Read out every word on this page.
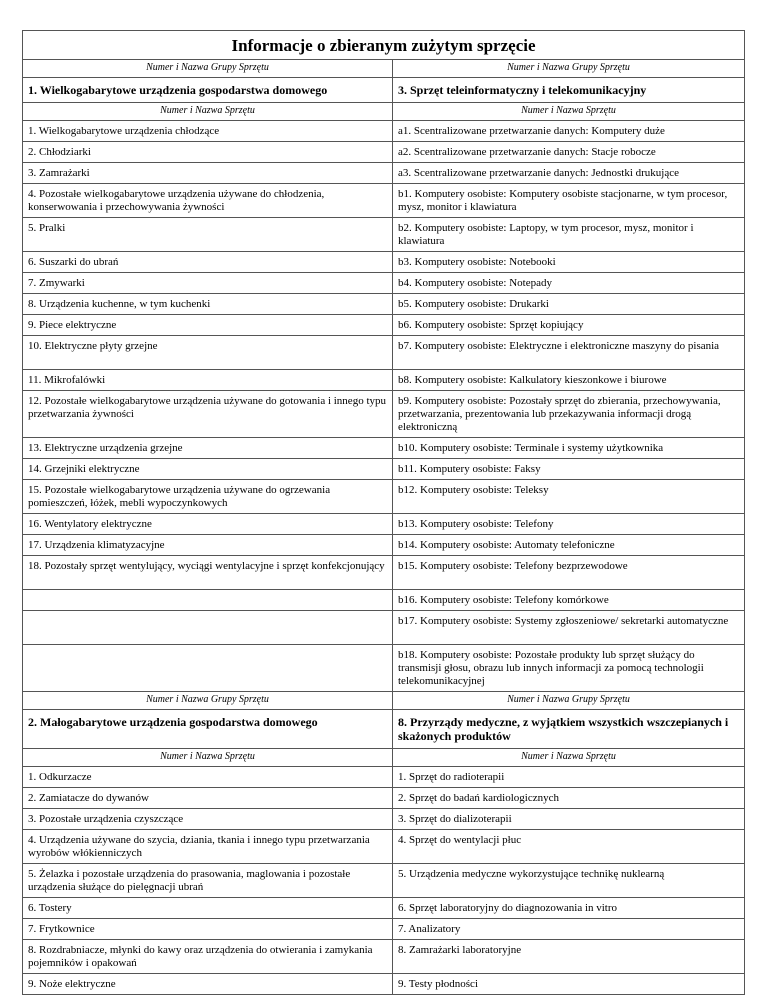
Informacje o zbieranym zużytym sprzęcie	
Numer i Nazwa Grupy Sprzętu	Numer i Nazwa Grupy Sprzętu
1. Wielkogabarytowe urządzenia gospodarstwa domowego	3. Sprzęt teleinformatyczny i telekomunikacyjny
Numer i Nazwa Sprzętu	Numer i Nazwa Sprzętu
1. Wielkogabarytowe urządzenia chłodzące	a1. Scentralizowane przetwarzanie danych: Komputery duże
2. Chłodziarki	a2. Scentralizowane przetwarzanie danych: Stacje robocze
3. Zamrażarki	a3. Scentralizowane przetwarzanie danych: Jednostki drukujące
4. Pozostałe wielkogabarytowe urządzenia używane do chłodzenia, konserwowania i przechowywania żywności	b1. Komputery osobiste: Komputery osobiste stacjonarne, w tym procesor, mysz, monitor i klawiatura
5. Pralki	b2. Komputery osobiste: Laptopy, w tym procesor, mysz, monitor i klawiatura
6. Suszarki do ubrań	b3. Komputery osobiste: Notebooki
7. Zmywarki	b4. Komputery osobiste: Notepady
8. Urządzenia kuchenne, w tym kuchenki	b5. Komputery osobiste: Drukarki
9. Piece elektryczne	b6. Komputery osobiste: Sprzęt kopiujący
10. Elektryczne płyty grzejne	b7. Komputery osobiste: Elektryczne i elektroniczne maszyny do pisania
11. Mikrofalówki	b8. Komputery osobiste: Kalkulatory kieszonkowe i biurowe
12. Pozostałe wielkogabarytowe urządzenia używane do gotowania i innego typu przetwarzania żywności	b9. Komputery osobiste: Pozostały sprzęt do zbierania, przechowywania, przetwarzania, prezentowania lub przekazywania informacji drogą elektroniczną
13. Elektryczne urządzenia grzejne	b10. Komputery osobiste: Terminale i systemy użytkownika
14. Grzejniki elektryczne	b11. Komputery osobiste: Faksy
15. Pozostałe wielkogabarytowe urządzenia używane do ogrzewania pomieszczeń, łóżek, mebli wypoczynkowych	b12. Komputery osobiste: Teleksy
16. Wentylatory elektryczne	b13. Komputery osobiste: Telefony
17. Urządzenia klimatyzacyjne	b14. Komputery osobiste: Automaty telefoniczne
18. Pozostały sprzęt wentylujący, wyciągi wentylacyjne i sprzęt konfekcjonujący	b15. Komputery osobiste: Telefony bezprzewodowe
	b16. Komputery osobiste: Telefony komórkowe
	b17. Komputery osobiste: Systemy zgłoszeniowe/ sekretarki automatyczne
	b18. Komputery osobiste: Pozostałe produkty lub sprzęt służący do transmisji głosu, obrazu lub innych informacji za pomocą technologii telekomunikacyjnej
Numer i Nazwa Grupy Sprzętu	Numer i Nazwa Grupy Sprzętu
2. Małogabarytowe urządzenia gospodarstwa domowego	8. Przyrządy medyczne, z wyjątkiem wszystkich wszczepianych i skażonych produktów
Numer i Nazwa Sprzętu	Numer i Nazwa Sprzętu
1. Odkurzacze	1. Sprzęt do radioterapii
2. Zamiatacze do dywanów	2. Sprzęt do badań kardiologicznych
3. Pozostałe urządzenia czyszczące	3. Sprzęt do dializoterapii
4. Urządzenia używane do szycia, dziania, tkania i innego typu przetwarzania wyrobów włókienniczych	4. Sprzęt do wentylacji płuc
5. Żelazka i pozostałe urządzenia do prasowania, maglowania i pozostałe urządzenia służące do pielęgnacji ubrań	5. Urządzenia medyczne wykorzystujące technikę nuklearną
6. Tostery	6. Sprzęt laboratoryjny do diagnozowania in vitro
7. Frytkownice	7. Analizatory
8. Rozdrabniacze, młynki do kawy oraz urządzenia do otwierania i zamykania pojemników i opakowań	8. Zamrażarki laboratoryjne
9. Noże elektryczne	9. Testy płodności
